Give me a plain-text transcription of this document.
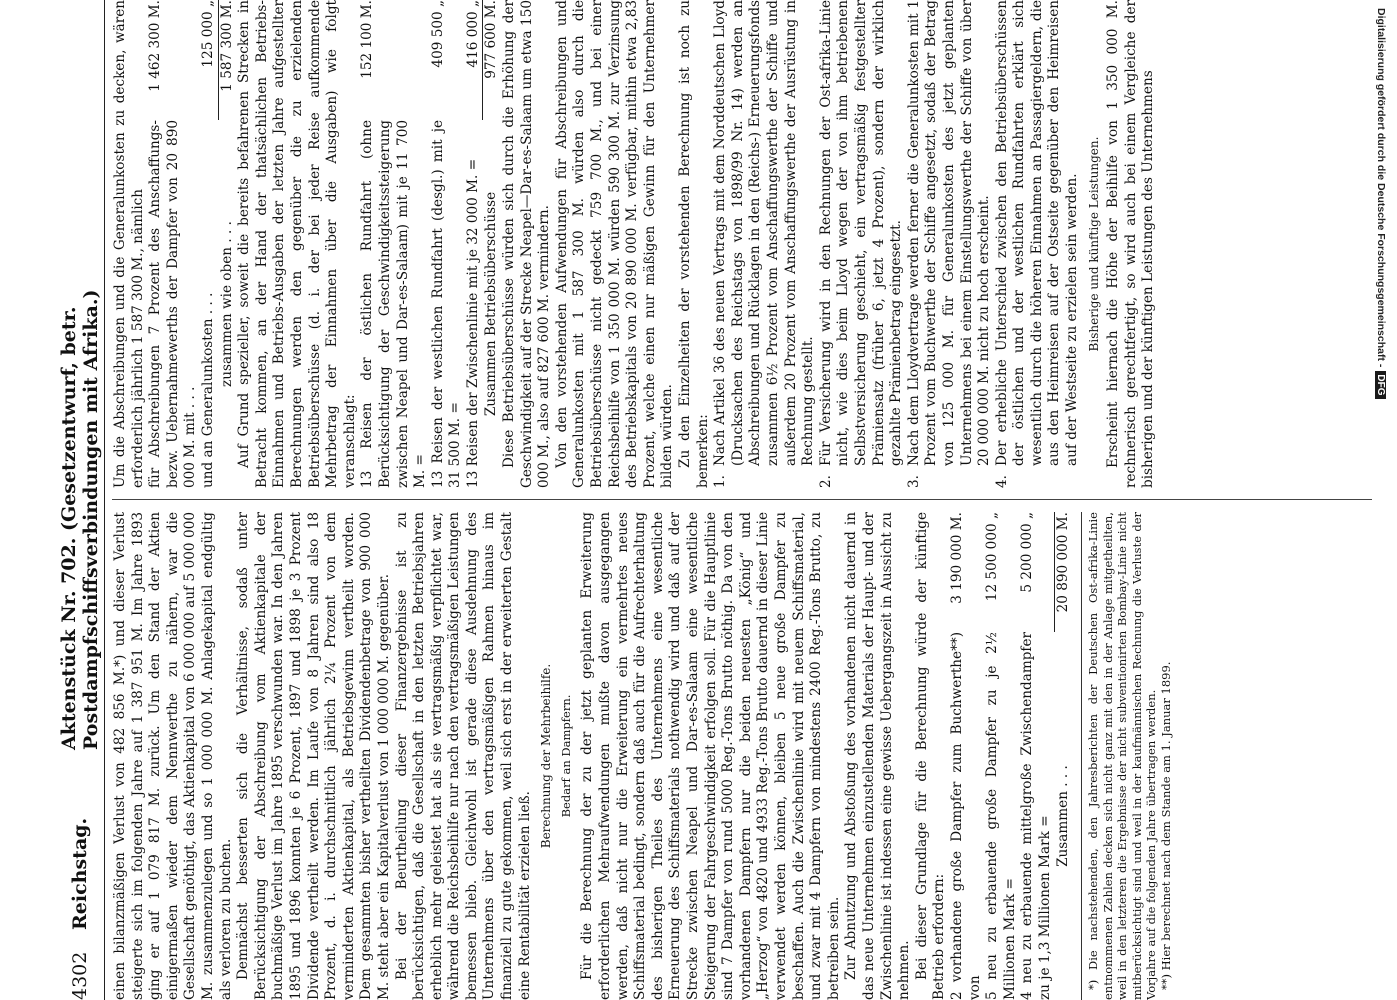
4302
Reichstag.
Aktenstück Nr. 702. (Gesetzentwurf, betr. Postdampfschiffsverbindungen mit Afrika.) einen bilanzmäßigen Verlust von 482 856 M.*) und dieser Verlust steigerte sich im folgenden Jahre auf 1 387 951 M. Im Jahre 1893 ging er auf 1 079 817 M. zurück. Um den Stand der Aktien einigermaßen wieder dem Nennwerthe zu nähern, war die Gesellschaft genöthigt, das Aktienkapital von 6 000 000 auf 5 000 000 M. zusammenzulegen und so 1 000 000 M. Anlagekapital endgültig als verloren zu buchen. Demnächst besserten sich die Verhältnisse, sodaß unter Berücksichtigung der Abschreibung vom Aktienkapitale der buchmäßige Verlust im Jahre 1895 verschwunden war. In den Jahren 1895 und 1896 konnten je 6 Prozent, 1897 und 1898 je 3 Prozent Dividende vertheilt werden. Im Laufe von 8 Jahren sind also 18 Prozent, d. i. durchschnittlich jährlich 2¼ Prozent von dem verminderten Aktienkapital, als Betriebsgewinn vertheilt worden. Dem gesammten bisher vertheilten Dividendenbetrage von 900 000 M. steht aber ein Kapitalverlust von 1 000 000 M. gegenüber. Bei der Beurtheilung dieser Finanzergebnisse ist zu berücksichtigen, daß die Gesellschaft in den letzten Betriebsjahren erheblich mehr geleistet hat als sie vertragsmäßig verpflichtet war, während die Reichsbeihilfe nur nach den vertragsmäßigen Leistungen bemessen blieb. Gleichwohl ist gerade diese Ausdehnung des Unternehmens über den vertragsmäßigen Rahmen hinaus im finanziell zu gute gekommen, weil sich erst in der erweiterten Gestalt eine Rentabilität erzielen ließ.

Berechnung der Mehrbeihilfe. Bedarf an Dampfern. Für die Berechnung der zu der jetzt geplanten Erweiterung erforderlichen Mehraufwendungen mußte davon ausgegangen werden, daß nicht nur die Erweiterung ein vermehrtes neues Schiffsmaterial bedingt, sondern daß auch für die Aufrechterhaltung des bisherigen Theiles des Unternehmens eine wesentliche Erneuerung des Schiffsmaterials nothwendig wird und daß auf der Strecke zwischen Neapel und Dar-es-Salaam eine wesentliche Steigerung der Fahrgeschwindigkeit erfolgen soll. Für die Hauptlinie sind 7 Dampfer von rund 5000 Reg.-Tons Brutto nöthig. Da von den vorhandenen Dampfern nur die beiden neuesten „König“ und „Herzog“ von 4820 und 4933 Reg.-Tons Brutto dauernd in dieser Linie verwendet werden können, bleiben 5 neue große Dampfer zu beschaffen. Auch die Zwischenlinie wird mit neuem Schiffsmaterial, und zwar mit 4 Dampfern von mindestens 2400 Reg.-Tons Brutto, zu betreiben sein. Zur Abnutzung und Abstoßung des vorhandenen nicht dauernd in das neue Unternehmen einzustellenden Materials der Haupt- und der Zwischenlinie ist indessen eine gewisse Uebergangszeit in Aussicht zu nehmen. Bei dieser Grundlage für die Berechnung würde der künftige Betrieb erfordern: 2 vorhandene große Dampfer zum Buchwerthe**) von
3 190 000 M.
5 neu zu erbauende große Dampfer zu je 2½ Millionen Mark =
12 500 000 „
4 neu zu erbauende mittelgroße Zwischendampfer zu je 1,3 Millionen Mark =
5 200 000 „
Zusammen . . .
20 890 000 M. *) Die nachstehenden, den Jahresberichten der Deutschen Ost-afrika-Linie entnommenen Zahlen decken sich nicht ganz mit den in der Anlage mitgetheilten, weil in den letzteren die Ergebnisse der nicht subventionirten Bombay-Linie nicht mitberücksichtigt sind und weil in der kaufmännischen Rechnung die Verluste der Vorjahre auf die folgenden Jahre übertragen werden. **) Hier berechnet nach dem Stande am 1. Januar 1899.

Um die Abschreibungen und die Generalunkosten zu decken, wären erforderlich jährlich 1 587 300 M., nämlich für Abschreibungen 7 Prozent des Anschaffungs- bezw. Uebernahmewerths der Dampfer von 20 890 000 M. mit . . .
1 462 300 M.
und an Generalunkosten . . .
125 000 „
zusammen wie oben . . .
1 587 300 M. Auf Grund spezieller, soweit die bereits befahrenen Strecken in Betracht kommen, an der Hand der thatsächlichen Betriebs-Einnahmen und Betriebs-Ausgaben der letzten Jahre aufgestellter Berechnungen werden den gegenüber die zu erzielenden Betriebsüberschüsse (d. i. der bei jeder Reise aufkommende Mehrbetrag der Einnahmen über die Ausgaben) wie folgt veranschlagt: 13 Reisen der östlichen Rundfahrt (ohne Berücksichtigung der Geschwindigkeitssteigerung zwischen Neapel und Dar-es-Salaam) mit je 11 700 M. =
152 100 M.
13 Reisen der westlichen Rundfahrt (desgl.) mit je 31 500 M. =
409 500 „
13 Reisen der Zwischenlinie mit je 32 000 M. =
416 000 „
Zusammen Betriebsüberschüsse
977 600 M. Diese Betriebsüberschüsse würden sich durch die Erhöhung der Geschwindigkeit auf der Strecke Neapel—Dar-es-Salaam um etwa 150 000 M., also auf 827 600 M. vermindern. Von den vorstehenden Aufwendungen für Abschreibungen und Generalunkosten mit 1 587 300 M. würden also durch die Betriebsüberschüsse nicht gedeckt 759 700 M., und bei einer Reichsbeihilfe von 1 350 000 M. würden 590 300 M. zur Verzinsung des Betriebskapitals von 20 890 000 M. verfügbar, mithin etwa 2,83 Prozent, welche einen nur mäßigen Gewinn für den Unternehmer bilden würden. Zu den Einzelheiten der vorstehenden Berechnung ist noch zu bemerken: 1.
Nach Artikel 36 des neuen Vertrags mit dem Norddeutschen Lloyd (Drucksachen des Reichstags von 1898/99 Nr. 14) werden an Abschreibungen und Rücklagen in den (Reichs-) Erneuerungsfonds zusammen 6½ Prozent vom Anschaffungswerthe der Schiffe und außerdem 20 Prozent vom Anschaffungswerthe der Ausrüstung in Rechnung gestellt.

2.
Für Versicherung wird in den Rechnungen der Ost-afrika-Linie nicht, wie dies beim Lloyd wegen der von ihm betriebenen Selbstversicherung geschieht, ein vertragsmäßig festgestellter Prämiensatz (früher 6, jetzt 4 Prozent), sondern der wirklich gezahlte Prämienbetrag eingesetzt.

3.
Nach dem Lloydvertrage werden ferner die Generalunkosten mit 1 Prozent vom Buchwerthe der Schiffe angesetzt, sodaß der Betrag von 125 000 M. für Generalunkosten des jetzt geplanten Unternehmens bei einem Einstellungswerthe der Schiffe von über 20 000 000 M. nicht zu hoch erscheint.

4.
Der erhebliche Unterschied zwischen den Betriebsüberschüssen der östlichen und der westlichen Rundfahrten erklärt sich wesentlich durch die höheren Einnahmen an Passagiergeldern, die aus den Heimreisen auf der Ostseite gegenüber den Heimreisen auf der Westseite zu erzielen sein werden. Bisherige und künftige Leistungen. Erscheint hiernach die Höhe der Beihilfe von 1 350 000 M. rechnerisch gerechtfertigt, so wird auch bei einem Vergleiche der bisherigen und der künftigen Leistungen des Unternehmens	Digitalisierung gefördert durch die Deutsche Forschungsgemeinschaft -DFG
